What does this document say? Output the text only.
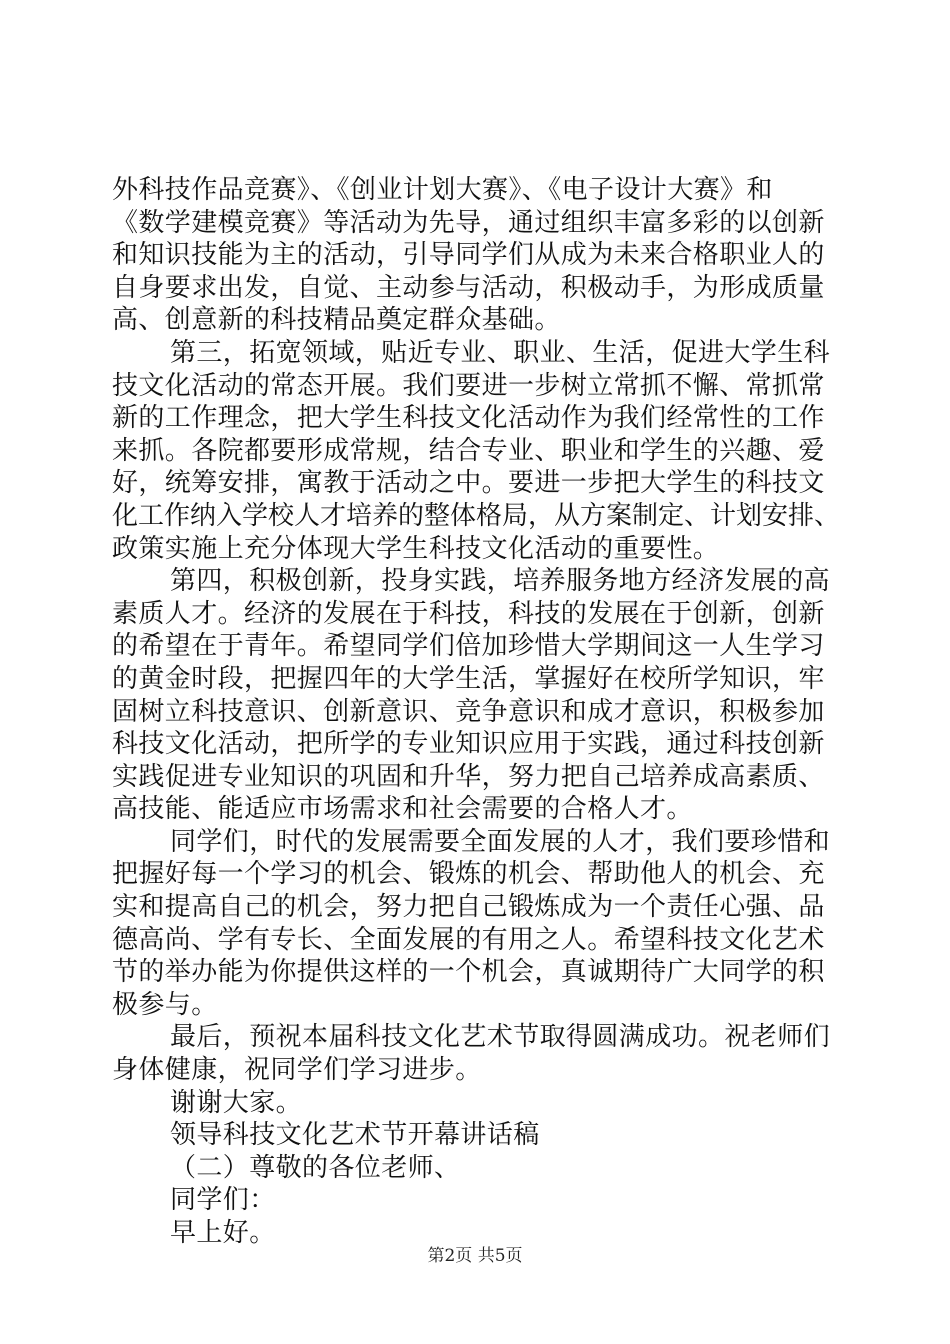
外科技作品竞赛》、《创业计划大赛》、《电子设计大赛》和
《数学建模竞赛》等活动为先导，通过组织丰富多彩的以创新
和知识技能为主的活动，引导同学们从成为未来合格职业人的
自身要求出发，自觉、主动参与活动，积极动手，为形成质量
高、创意新的科技精品奠定群众基础。
第三，拓宽领域，贴近专业、职业、生活，促进大学生科
技文化活动的常态开展。我们要进一步树立常抓不懈、常抓常
新的工作理念，把大学生科技文化活动作为我们经常性的工作
来抓。各院都要形成常规，结合专业、职业和学生的兴趣、爱
好，统筹安排，寓教于活动之中。要进一步把大学生的科技文
化工作纳入学校人才培养的整体格局，从方案制定、计划安排、
政策实施上充分体现大学生科技文化活动的重要性。
第四，积极创新，投身实践，培养服务地方经济发展的高
素质人才。经济的发展在于科技，科技的发展在于创新，创新
的希望在于青年。希望同学们倍加珍惜大学期间这一人生学习
的黄金时段，把握四年的大学生活，掌握好在校所学知识，牢
固树立科技意识、创新意识、竞争意识和成才意识，积极参加
科技文化活动，把所学的专业知识应用于实践，通过科技创新
实践促进专业知识的巩固和升华，努力把自己培养成高素质、
高技能、能适应市场需求和社会需要的合格人才。
同学们，时代的发展需要全面发展的人才，我们要珍惜和
把握好每一个学习的机会、锻炼的机会、帮助他人的机会、充
实和提高自己的机会，努力把自己锻炼成为一个责任心强、品
德高尚、学有专长、全面发展的有用之人。希望科技文化艺术
节的举办能为你提供这样的一个机会，真诚期待广大同学的积
极参与。
最后，预祝本届科技文化艺术节取得圆满成功。祝老师们
身体健康，祝同学们学习进步。
谢谢大家。
领导科技文化艺术节开幕讲话稿
（二）尊敬的各位老师、
同学们：
早上好。
第2页 共5页
